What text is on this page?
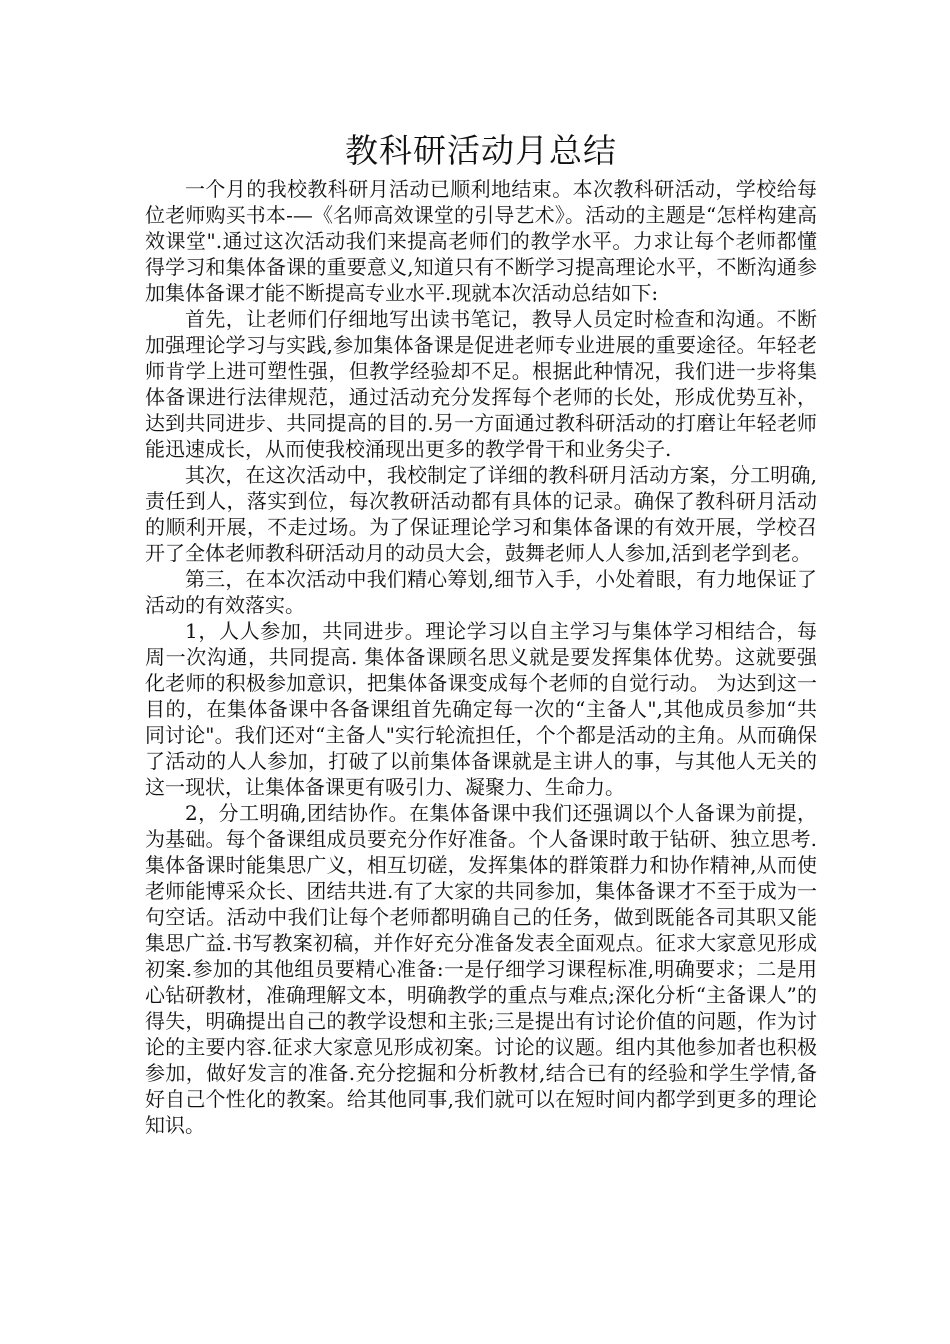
教科研活动月总结

一个月的我校教科研月活动已顺利地结束。本次教科研活动，学校给每位老师购买书本-—《名师高效课堂的引导艺术》。活动的主题是“怎样构建高效课堂".通过这次活动我们来提高老师们的教学水平。力求让每个老师都懂得学习和集体备课的重要意义,知道只有不断学习提高理论水平，不断沟通参加集体备课才能不断提高专业水平.现就本次活动总结如下:

首先，让老师们仔细地写出读书笔记，教导人员定时检查和沟通。不断加强理论学习与实践,参加集体备课是促进老师专业进展的重要途径。年轻老师肯学上进可塑性强，但教学经验却不足。根据此种情况，我们进一步将集体备课进行法律规范，通过活动充分发挥每个老师的长处，形成优势互补，达到共同进步、共同提高的目的.另一方面通过教科研活动的打磨让年轻老师能迅速成长，从而使我校涌现出更多的教学骨干和业务尖子.

其次，在这次活动中，我校制定了详细的教科研月活动方案，分工明确,责任到人，落实到位，每次教研活动都有具体的记录。确保了教科研月活动的顺利开展，不走过场。为了保证理论学习和集体备课的有效开展，学校召开了全体老师教科研活动月的动员大会，鼓舞老师人人参加,活到老学到老。

第三，在本次活动中我们精心筹划,细节入手，小处着眼，有力地保证了活动的有效落实。

1，人人参加，共同进步。理论学习以自主学习与集体学习相结合，每周一次沟通，共同提高. 集体备课顾名思义就是要发挥集体优势。这就要强化老师的积极参加意识，把集体备课变成每个老师的自觉行动。 为达到这一目的，在集体备课中各备课组首先确定每一次的“主备人",其他成员参加“共同讨论"。我们还对“主备人"实行轮流担任，个个都是活动的主角。从而确保了活动的人人参加，打破了以前集体备课就是主讲人的事，与其他人无关的这一现状，让集体备课更有吸引力、凝聚力、生命力。

2，分工明确,团结协作。在集体备课中我们还强调以个人备课为前提，为基础。每个备课组成员要充分作好准备。个人备课时敢于钻研、独立思考.集体备课时能集思广义，相互切磋，发挥集体的群策群力和协作精神,从而使老师能博采众长、团结共进.有了大家的共同参加，集体备课才不至于成为一句空话。活动中我们让每个老师都明确自己的任务，做到既能各司其职又能集思广益.书写教案初稿，并作好充分准备发表全面观点。征求大家意见形成初案.参加的其他组员要精心准备:一是仔细学习课程标准,明确要求；二是用心钻研教材，准确理解文本，明确教学的重点与难点;深化分析“主备课人”的得失，明确提出自己的教学设想和主张;三是提出有讨论价值的问题，作为讨论的主要内容.征求大家意见形成初案。讨论的议题。组内其他参加者也积极参加，做好发言的准备.充分挖掘和分析教材,结合已有的经验和学生学情,备好自己个性化的教案。给其他同事,我们就可以在短时间内都学到更多的理论知识。
